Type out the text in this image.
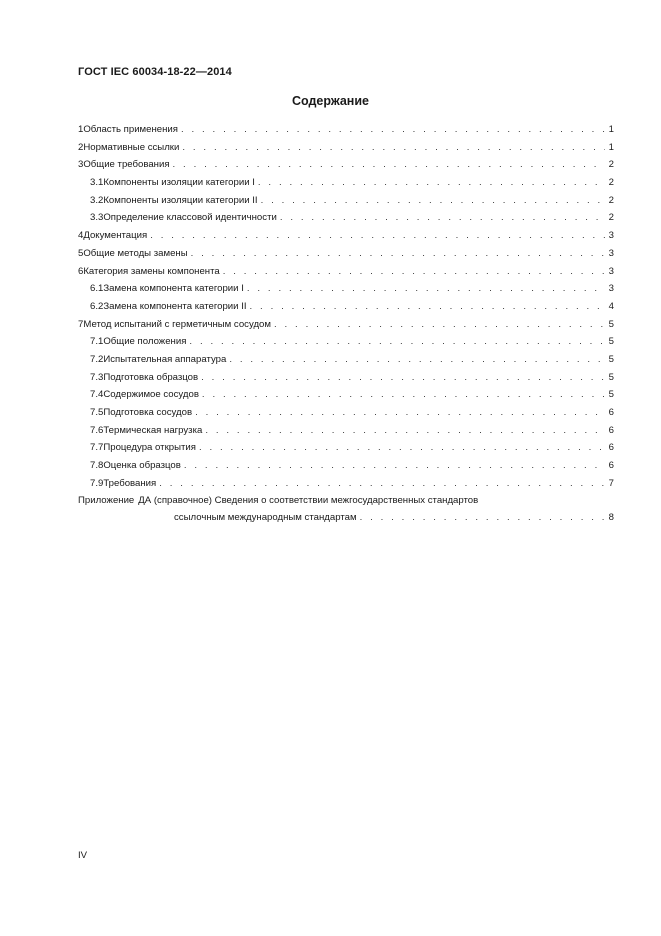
ГОСТ IEC 60034-18-22—2014
Содержание
1 Область применения . . .	1
2 Нормативные ссылки . . .	1
3 Общие требования . . .	2
3.1 Компоненты изоляции категории I . . .	2
3.2 Компоненты изоляции категории II . . .	2
3.3 Определение классовой идентичности . . .	2
4 Документация . . .	3
5 Общие методы замены . . .	3
6 Категория замены компонента . . .	3
6.1 Замена компонента категории I . . .	3
6.2 Замена компонента категории II . . .	4
7 Метод испытаний с герметичным сосудом . . .	5
7.1 Общие положения . . .	5
7.2 Испытательная аппаратура . . .	5
7.3 Подготовка образцов . . .	5
7.4 Содержимое сосудов . . .	5
7.5 Подготовка сосудов . . .	6
7.6 Термическая нагрузка . . .	6
7.7 Процедура открытия . . .	6
7.8 Оценка образцов . . .	6
7.9 Требования . . .	7
Приложение ДА (справочное) Сведения о соответствии межгосударственных стандартов
ссылочным международным стандартам . . .	8
IV
